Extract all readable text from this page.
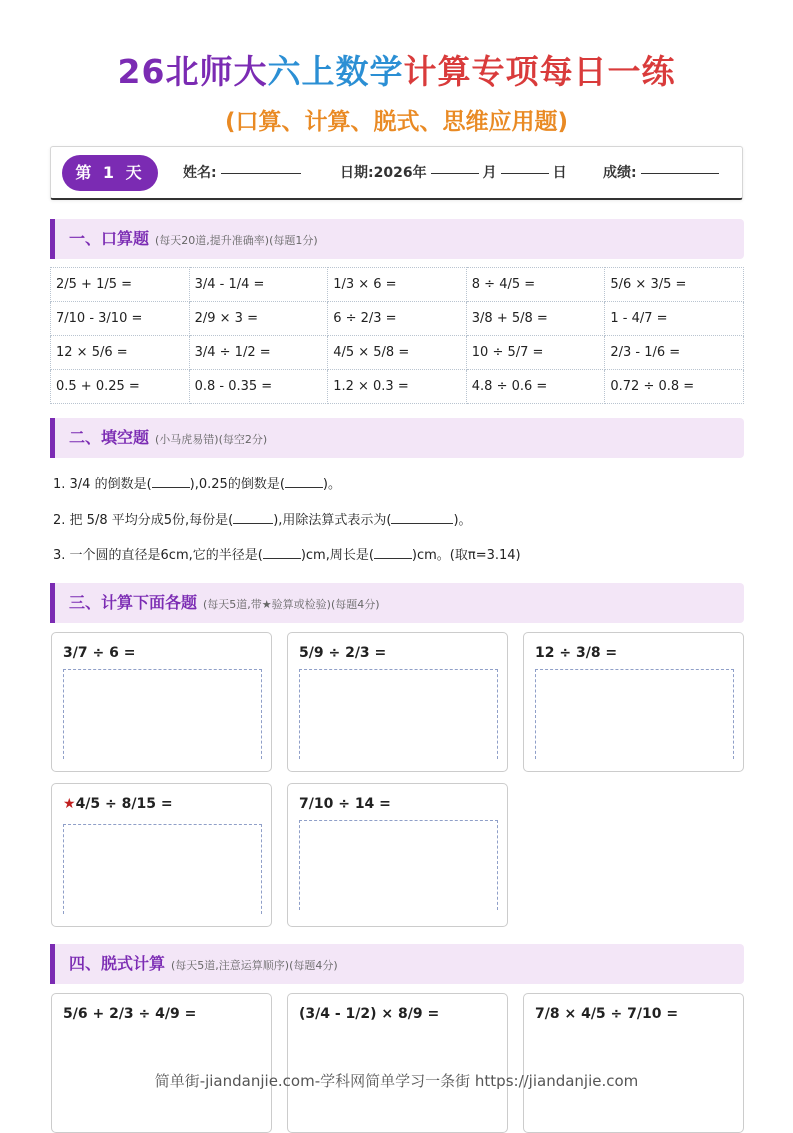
26北师大六上数学计算专项每日一练
(口算、计算、脱式、思维应用题)
第 1 天	姓名:	日期:2026年	月	日	成绩:
一、口算题 (每天20道,提升准确率)(每题1分)
2/5 + 1/5 =	3/4 - 1/4 =	1/3 × 6 =	8 ÷ 4/5 =	5/6 × 3/5 =
7/10 - 3/10 =	2/9 × 3 =	6 ÷ 2/3 =	3/8 + 5/8 =	1 - 4/7 =
12 × 5/6 =	3/4 ÷ 1/2 =	4/5 × 5/8 =	10 ÷ 5/7 =	2/3 - 1/6 =
0.5 + 0.25 =	0.8 - 0.35 =	1.2 × 0.3 =	4.8 ÷ 0.6 =	0.72 ÷ 0.8 =
二、填空题 (小马虎易错)(每空2分)
1. 3/4 的倒数是(	),0.25的倒数是(	)。
2. 把 5/8 平均分成5份,每份是(	),用除法算式表示为(	)。
3. 一个圆的直径是6cm,它的半径是(	)cm,周长是(	)cm。(取π=3.14)
三、计算下面各题 (每天5道,带★验算或检验)(每题4分)
3/7 ÷ 6 =	5/9 ÷ 2/3 =	12 ÷ 3/8 =
★4/5 ÷ 8/15 =	7/10 ÷ 14 =
四、脱式计算 (每天5道,注意运算顺序)(每题4分)
5/6 + 2/3 ÷ 4/9 =	(3/4 - 1/2) × 8/9 =	7/8 × 4/5 ÷ 7/10 =
简单街-jiandanjie.com-学科网简单学习一条街 https://jiandanjie.com
